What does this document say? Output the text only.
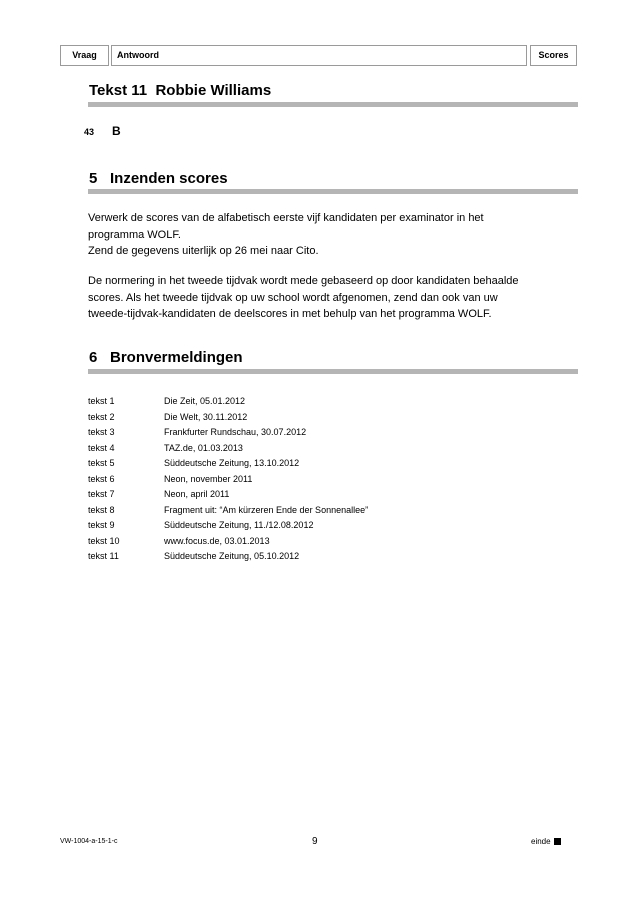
Vraag	Antwoord	Scores
Tekst 11 Robbie Williams
43 B
5 Inzenden scores
Verwerk de scores van de alfabetisch eerste vijf kandidaten per examinator in het
programma WOLF.
Zend de gegevens uiterlijk op 26 mei naar Cito.
De normering in het tweede tijdvak wordt mede gebaseerd op door kandidaten behaalde
scores. Als het tweede tijdvak op uw school wordt afgenomen, zend dan ook van uw
tweede-tijdvak-kandidaten de deelscores in met behulp van het programma WOLF.
6 Bronvermeldingen
tekst 1	Die Zeit, 05.01.2012
tekst 2	Die Welt, 30.11.2012
tekst 3	Frankfurter Rundschau, 30.07.2012
tekst 4	TAZ.de, 01.03.2013
tekst 5	Süddeutsche Zeitung, 13.10.2012
tekst 6	Neon, november 2011
tekst 7	Neon, april 2011
tekst 8	Fragment uit: “Am kürzeren Ende der Sonnenallee”
tekst 9	Süddeutsche Zeitung, 11./12.08.2012
tekst 10	www.focus.de, 03.01.2013
tekst 11	Süddeutsche Zeitung, 05.10.2012
VW-1004-a-15-1-c	9	einde
